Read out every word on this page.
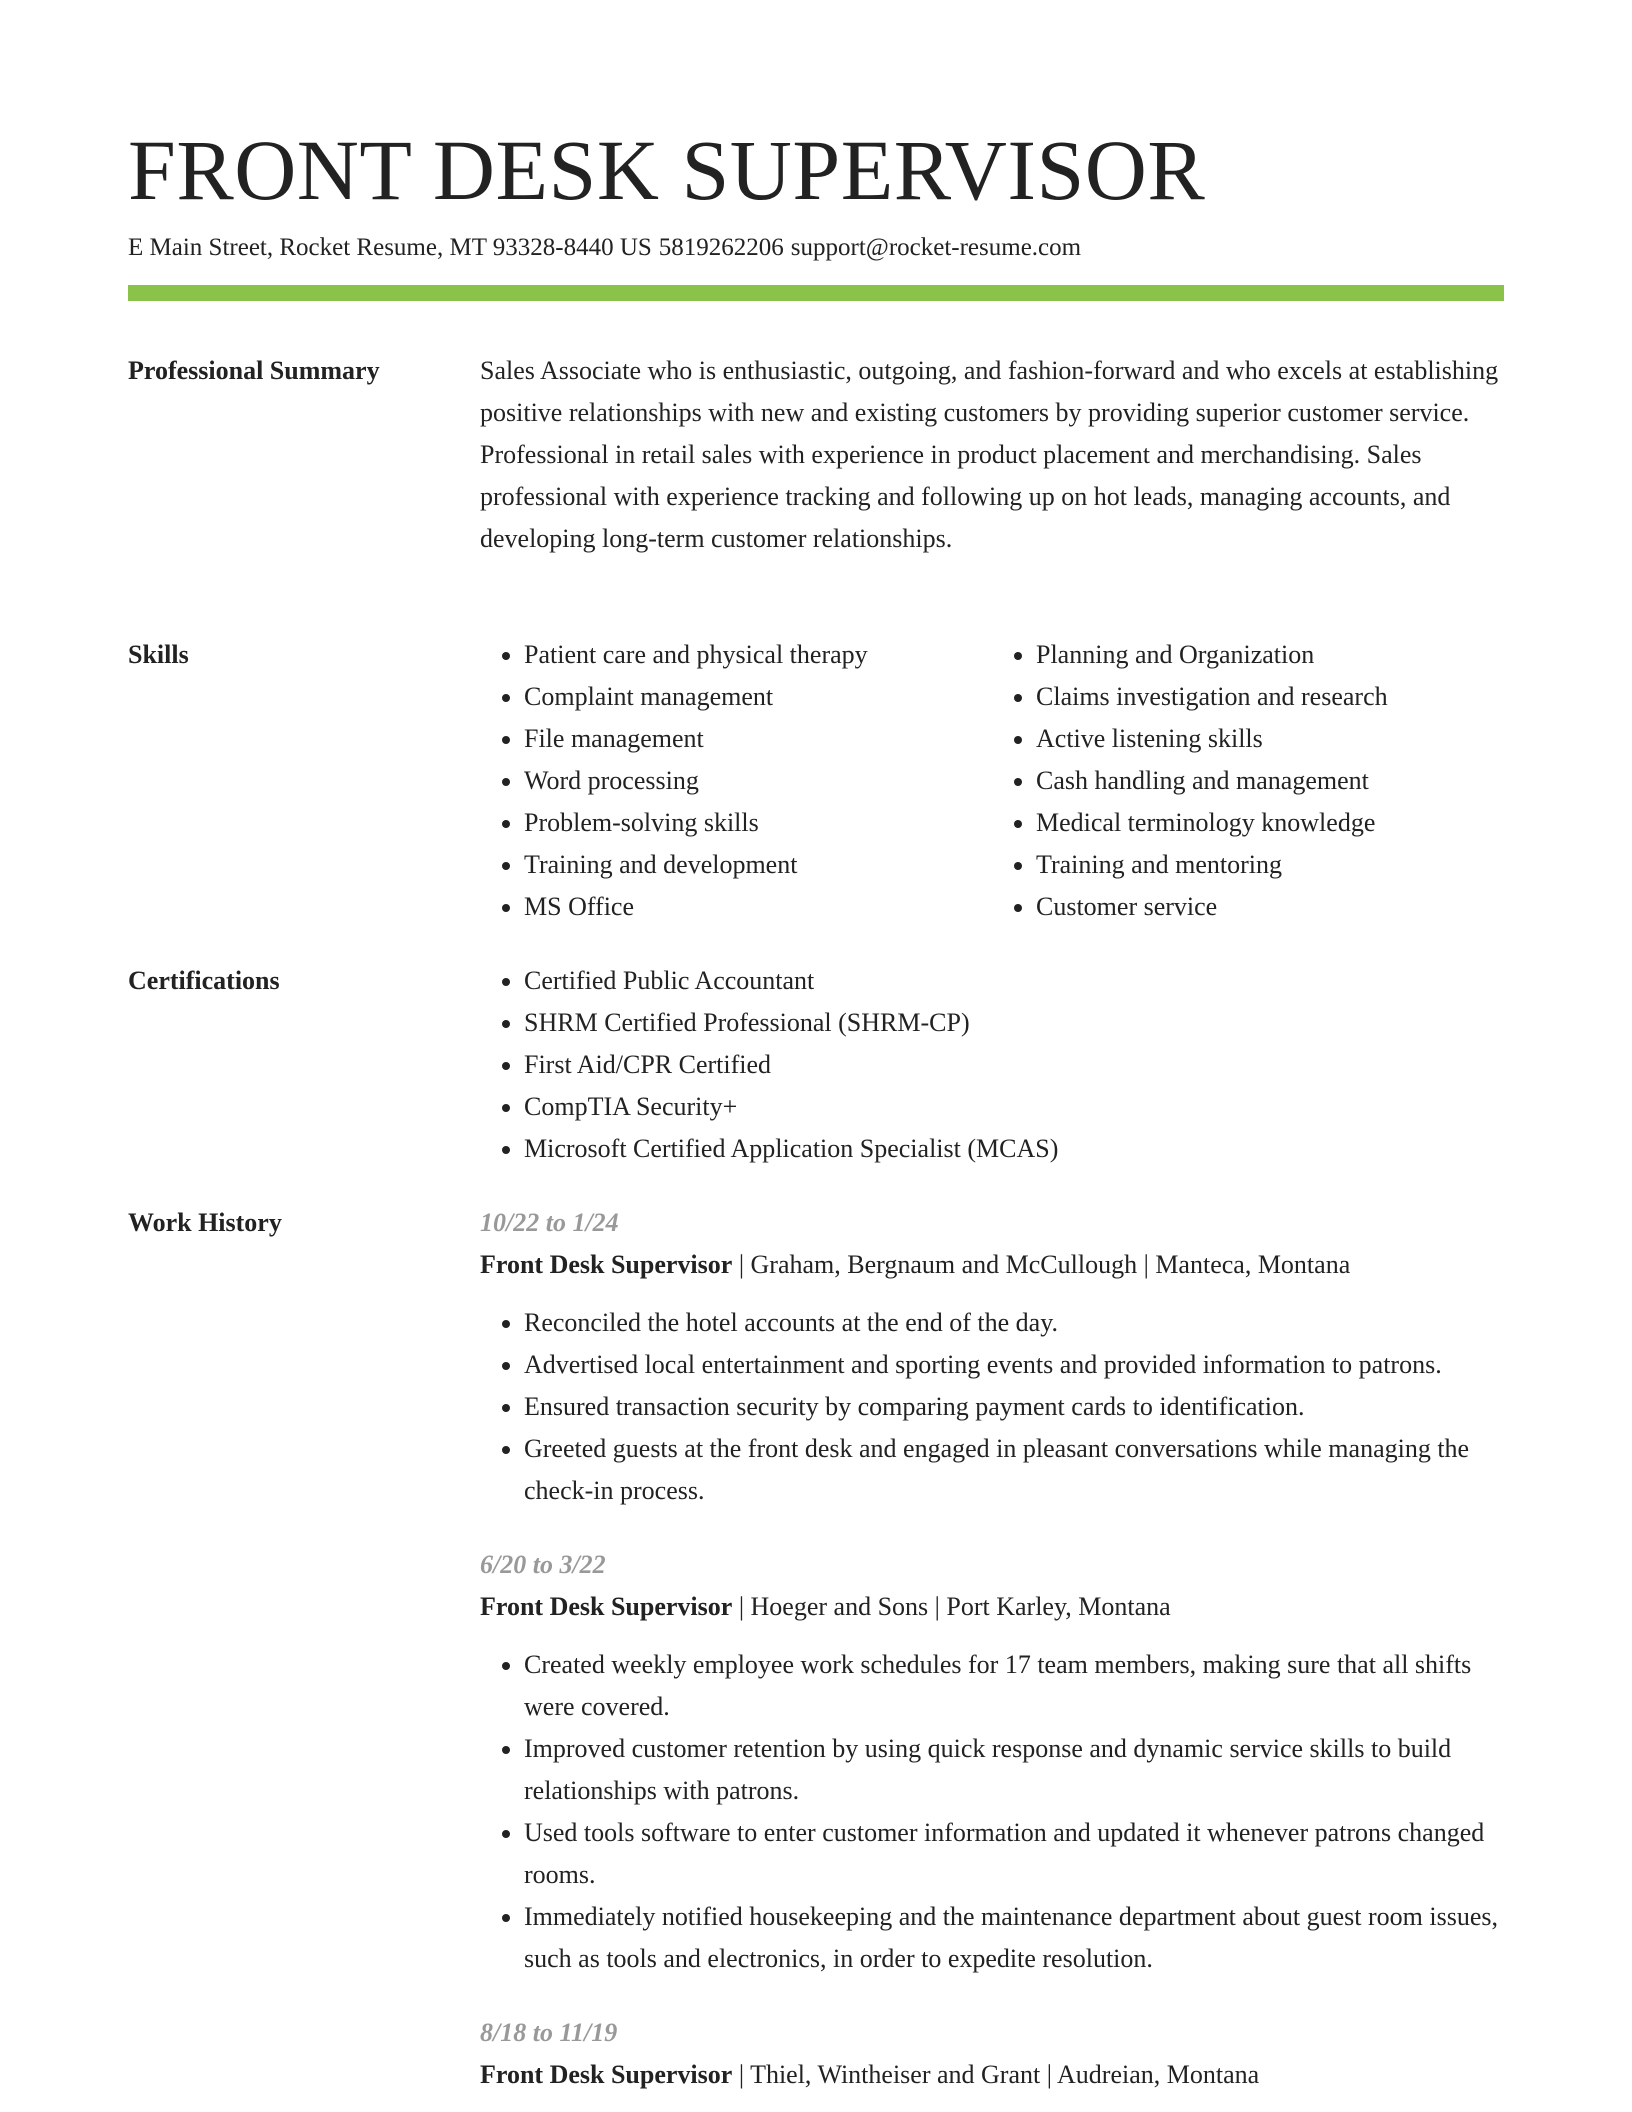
FRONT DESK SUPERVISOR
E Main Street, Rocket Resume, MT 93328-8440 US 5819262206 support@rocket-resume.com
Professional Summary	Sales Associate who is enthusiastic, outgoing, and fashion-forward and who excels at establishing positive relationships with new and existing customers by providing superior customer service. Professional in retail sales with experience in product placement and merchandising. Sales professional with experience tracking and following up on hot leads, managing accounts, and developing long-term customer relationships.

Skills	• Patient care and physical therapy
• Complaint management
• File management
• Word processing
• Problem-solving skills
• Training and development
• MS Office
• Planning and Organization
• Claims investigation and research
• Active listening skills
• Cash handling and management
• Medical terminology knowledge
• Training and mentoring
• Customer service
Certifications	• Certified Public Accountant
• SHRM Certified Professional (SHRM-CP)
• First Aid/CPR Certified
• CompTIA Security+
• Microsoft Certified Application Specialist (MCAS)
Work History	10/22 to 1/24
Front Desk Supervisor | Graham, Bergnaum and McCullough | Manteca, Montana
• Reconciled the hotel accounts at the end of the day.
• Advertised local entertainment and sporting events and provided information to patrons.
• Ensured transaction security by comparing payment cards to identification.
• Greeted guests at the front desk and engaged in pleasant conversations while managing the check-in process.
6/20 to 3/22
Front Desk Supervisor | Hoeger and Sons | Port Karley, Montana
• Created weekly employee work schedules for 17 team members, making sure that all shifts were covered.
• Improved customer retention by using quick response and dynamic service skills to build relationships with patrons.
• Used tools software to enter customer information and updated it whenever patrons changed rooms.
• Immediately notified housekeeping and the maintenance department about guest room issues, such as tools and electronics, in order to expedite resolution.
8/18 to 11/19
Front Desk Supervisor | Thiel, Wintheiser and Grant | Audreian, Montana
